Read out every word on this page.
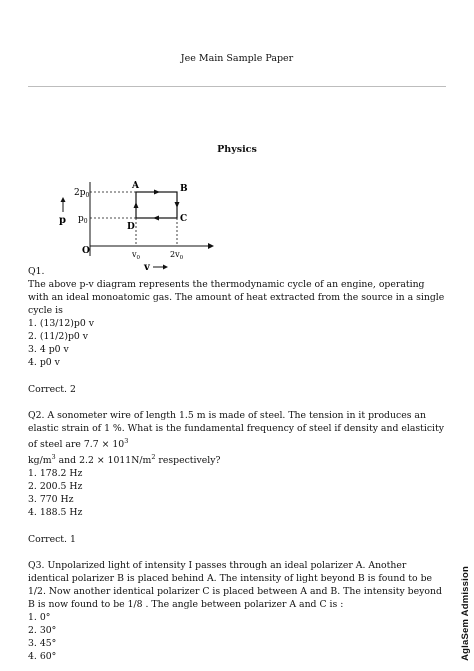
Jee Main Sample Paper
Physics
p
v
O
$2p_0$
$p_0$
$v_0$	$2v_0$
A	B
C
D

Q1.

The above p-v diagram represents the thermodynamic cycle of an engine, operating with an ideal monoatomic gas. The amount of heat extracted from the source in a single cycle is

1. (13/12)p0 v
2. (11/2)p0 v
3. 4 p0 v
4. p0 v

Correct. 2

Q2. A sonometer wire of length 1.5 m is made of steel. The tension in it produces an elastic strain of 1 %. What is the fundamental frequency of steel if density and elasticity of steel are $7.7 \times 10^3$
$kg/m^3$ and $2.2 \times 1011N/m^2$ respectively?

1. 178.2 Hz
2. 200.5 Hz
3. 770 Hz
4. 188.5 Hz

Correct. 1

Q3. Unpolarized light of intensity I passes through an ideal polarizer A. Another identical polarizer B is placed behind A. The intensity of light beyond B is found to be 1/2. Now another identical polarizer C is placed between A and B. The intensity beyond B is now found to be 1/8 . The angle between polarizer A and C is :

1. 0°
2. 30°
3. 45°
4. 60°	AglaSem Admission
